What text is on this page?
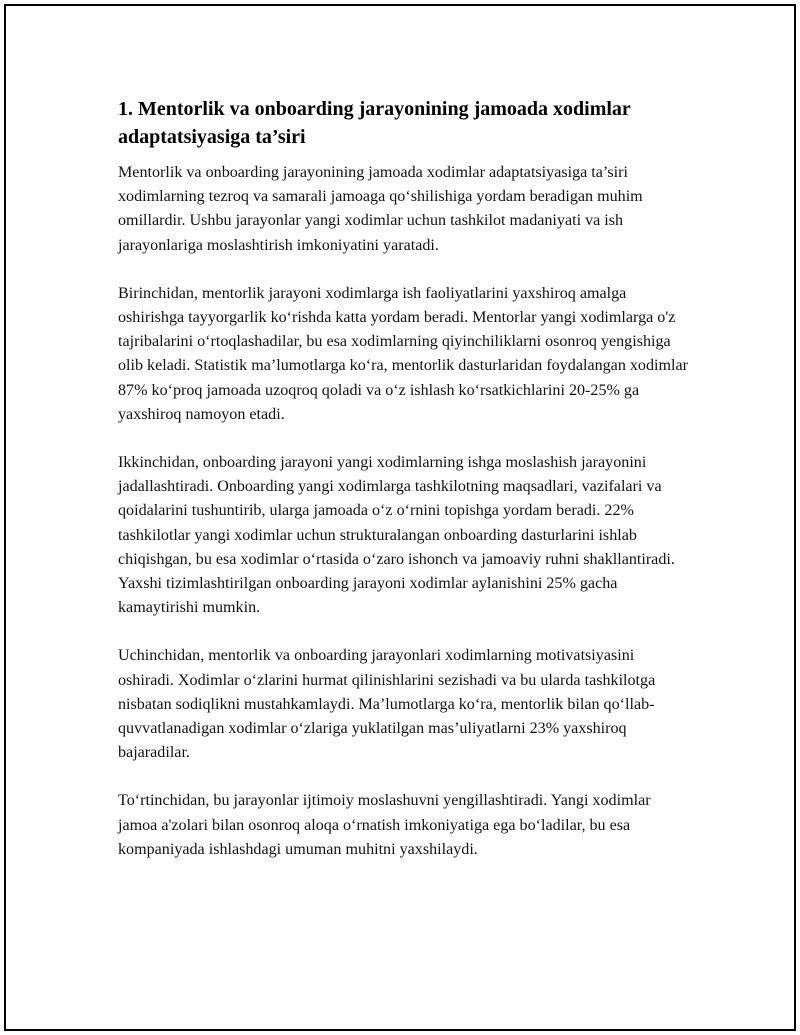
1. Mentorlik va onboarding jarayonining jamoada xodimlar adaptatsiyasiga ta’siri

Mentorlik va onboarding jarayonining jamoada xodimlar adaptatsiyasiga ta’siri xodimlarning tezroq va samarali jamoaga qo‘shilishiga yordam beradigan muhim omillardir. Ushbu jarayonlar yangi xodimlar uchun tashkilot madaniyati va ish jarayonlariga moslashtirish imkoniyatini yaratadi.

Birinchidan, mentorlik jarayoni xodimlarga ish faoliyatlarini yaxshiroq amalga oshirishga tayyorgarlik ko‘rishda katta yordam beradi. Mentorlar yangi xodimlarga o'z tajribalarini o‘rtoqlashadilar, bu esa xodimlarning qiyinchiliklarni osonroq yengishiga olib keladi. Statistik ma’lumotlarga ko‘ra, mentorlik dasturlaridan foydalangan xodimlar 87% ko‘proq jamoada uzoqroq qoladi va o‘z ishlash ko‘rsatkichlarini 20-25% ga yaxshiroq namoyon etadi.

Ikkinchidan, onboarding jarayoni yangi xodimlarning ishga moslashish jarayonini jadallashtiradi. Onboarding yangi xodimlarga tashkilotning maqsadlari, vazifalari va qoidalarini tushuntirib, ularga jamoada o‘z o‘rnini topishga yordam beradi. 22% tashkilotlar yangi xodimlar uchun strukturalangan onboarding dasturlarini ishlab chiqishgan, bu esa xodimlar o‘rtasida o‘zaro ishonch va jamoaviy ruhni shakllantiradi. Yaxshi tizimlashtirilgan onboarding jarayoni xodimlar aylanishini 25% gacha kamaytirishi mumkin.

Uchinchidan, mentorlik va onboarding jarayonlari xodimlarning motivatsiyasini oshiradi. Xodimlar o‘zlarini hurmat qilinishlarini sezishadi va bu ularda tashkilotga nisbatan sodiqlikni mustahkamlaydi. Ma’lumotlarga ko‘ra, mentorlik bilan qo‘llab-quvvatlanadigan xodimlar o‘zlariga yuklatilgan mas’uliyatlarni 23% yaxshiroq bajaradilar.

To‘rtinchidan, bu jarayonlar ijtimoiy moslashuvni yengillashtiradi. Yangi xodimlar jamoa a'zolari bilan osonroq aloqa o‘rnatish imkoniyatiga ega bo‘ladilar, bu esa kompaniyada ishlashdagi umuman muhitni yaxshilaydi.
